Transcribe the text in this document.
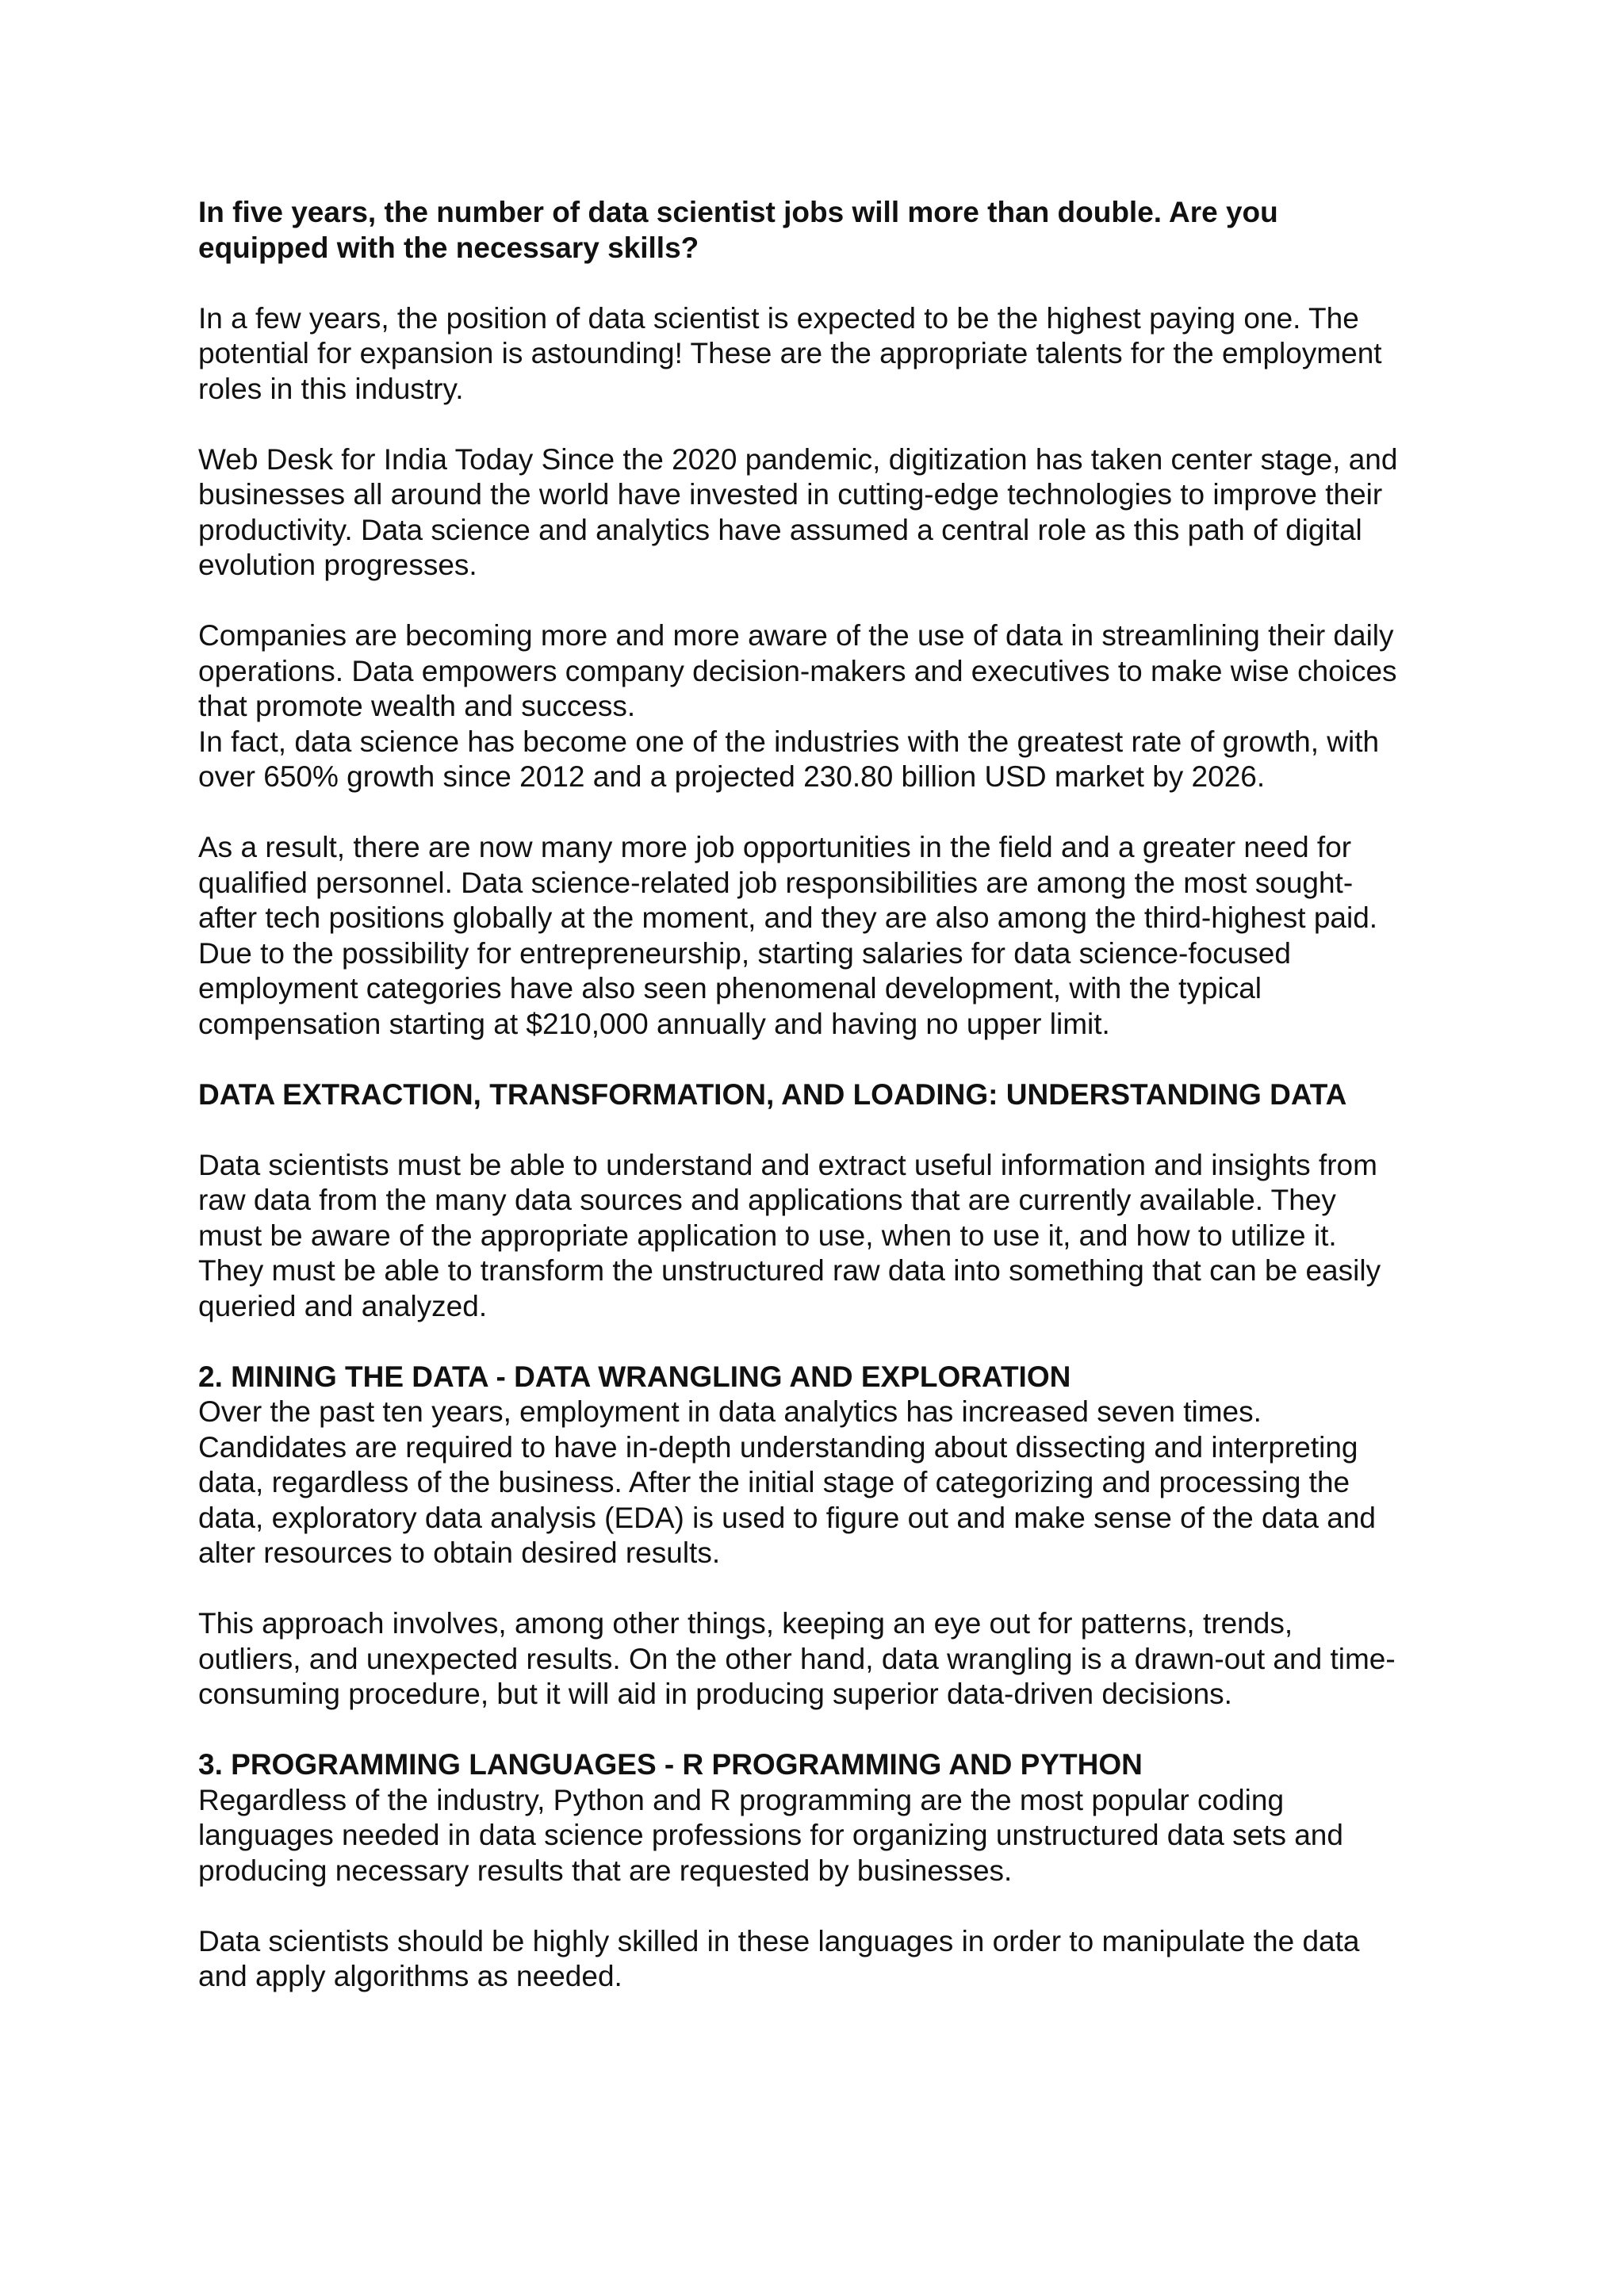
In five years, the number of data scientist jobs will more than double. Are you
equipped with the necessary skills?
In a few years, the position of data scientist is expected to be the highest paying one. The
potential for expansion is astounding! These are the appropriate talents for the employment
roles in this industry.
Web Desk for India Today Since the 2020 pandemic, digitization has taken center stage, and
businesses all around the world have invested in cutting-edge technologies to improve their
productivity. Data science and analytics have assumed a central role as this path of digital
evolution progresses.
Companies are becoming more and more aware of the use of data in streamlining their daily
operations. Data empowers company decision-makers and executives to make wise choices
that promote wealth and success.
In fact, data science has become one of the industries with the greatest rate of growth, with
over 650% growth since 2012 and a projected 230.80 billion USD market by 2026.
As a result, there are now many more job opportunities in the field and a greater need for
qualified personnel. Data science-related job responsibilities are among the most sought-
after tech positions globally at the moment, and they are also among the third-highest paid.
Due to the possibility for entrepreneurship, starting salaries for data science-focused
employment categories have also seen phenomenal development, with the typical
compensation starting at $210,000 annually and having no upper limit.
DATA EXTRACTION, TRANSFORMATION, AND LOADING: UNDERSTANDING DATA
Data scientists must be able to understand and extract useful information and insights from
raw data from the many data sources and applications that are currently available. They
must be aware of the appropriate application to use, when to use it, and how to utilize it.
They must be able to transform the unstructured raw data into something that can be easily
queried and analyzed.
2. MINING THE DATA - DATA WRANGLING AND EXPLORATION
Over the past ten years, employment in data analytics has increased seven times.
Candidates are required to have in-depth understanding about dissecting and interpreting
data, regardless of the business. After the initial stage of categorizing and processing the
data, exploratory data analysis (EDA) is used to figure out and make sense of the data and
alter resources to obtain desired results.
This approach involves, among other things, keeping an eye out for patterns, trends,
outliers, and unexpected results. On the other hand, data wrangling is a drawn-out and time-
consuming procedure, but it will aid in producing superior data-driven decisions.
3. PROGRAMMING LANGUAGES - R PROGRAMMING AND PYTHON
Regardless of the industry, Python and R programming are the most popular coding
languages needed in data science professions for organizing unstructured data sets and
producing necessary results that are requested by businesses.
Data scientists should be highly skilled in these languages in order to manipulate the data
and apply algorithms as needed.
